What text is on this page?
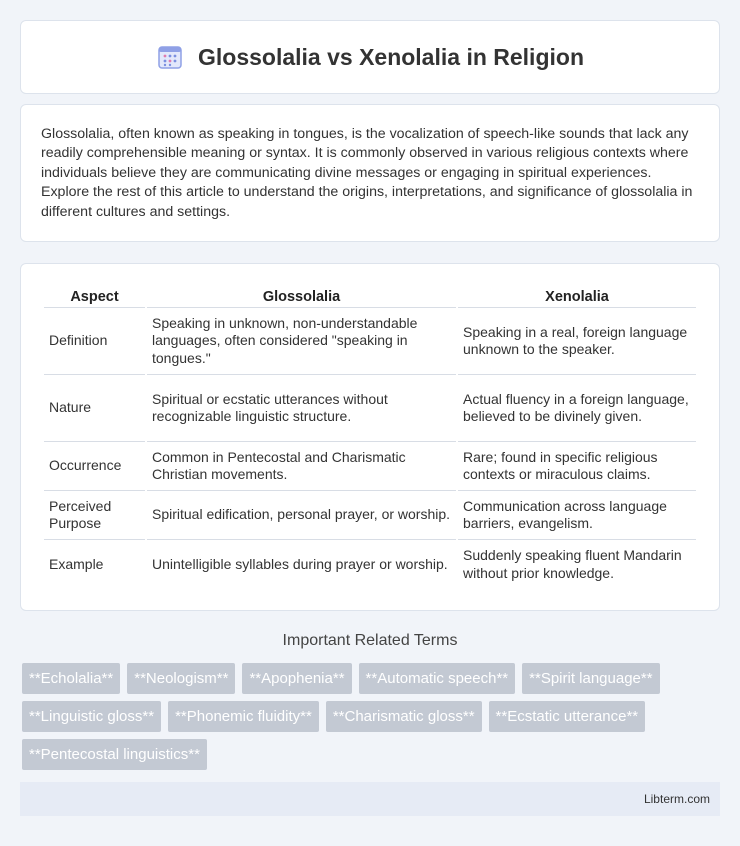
Glossolalia vs Xenolalia in Religion

Glossolalia, often known as speaking in tongues, is the vocalization of speech-like sounds that lack any readily comprehensible meaning or syntax. It is commonly observed in various religious contexts where individuals believe they are communicating divine messages or engaging in spiritual experiences. Explore the rest of this article to understand the origins, interpretations, and significance of glossolalia in different cultures and settings.

Aspect	Glossolalia	Xenolalia
Definition	Speaking in unknown, non-understandable languages, often considered "speaking in tongues."	Speaking in a real, foreign language unknown to the speaker.
Nature	Spiritual or ecstatic utterances without recognizable linguistic structure.	Actual fluency in a foreign language, believed to be divinely given.
Occurrence	Common in Pentecostal and Charismatic Christian movements.	Rare; found in specific religious contexts or miraculous claims.
Perceived Purpose	Spiritual edification, personal prayer, or worship.	Communication across language barriers, evangelism.
Example	Unintelligible syllables during prayer or worship.	Suddenly speaking fluent Mandarin without prior knowledge.
Important Related Terms
**Echolalia**	**Neologism**	**Apophenia**	**Automatic speech**	**Spirit language**
**Linguistic gloss**	**Phonemic fluidity**	**Charismatic gloss**	**Ecstatic utterance**
**Pentecostal linguistics**
Libterm.com
